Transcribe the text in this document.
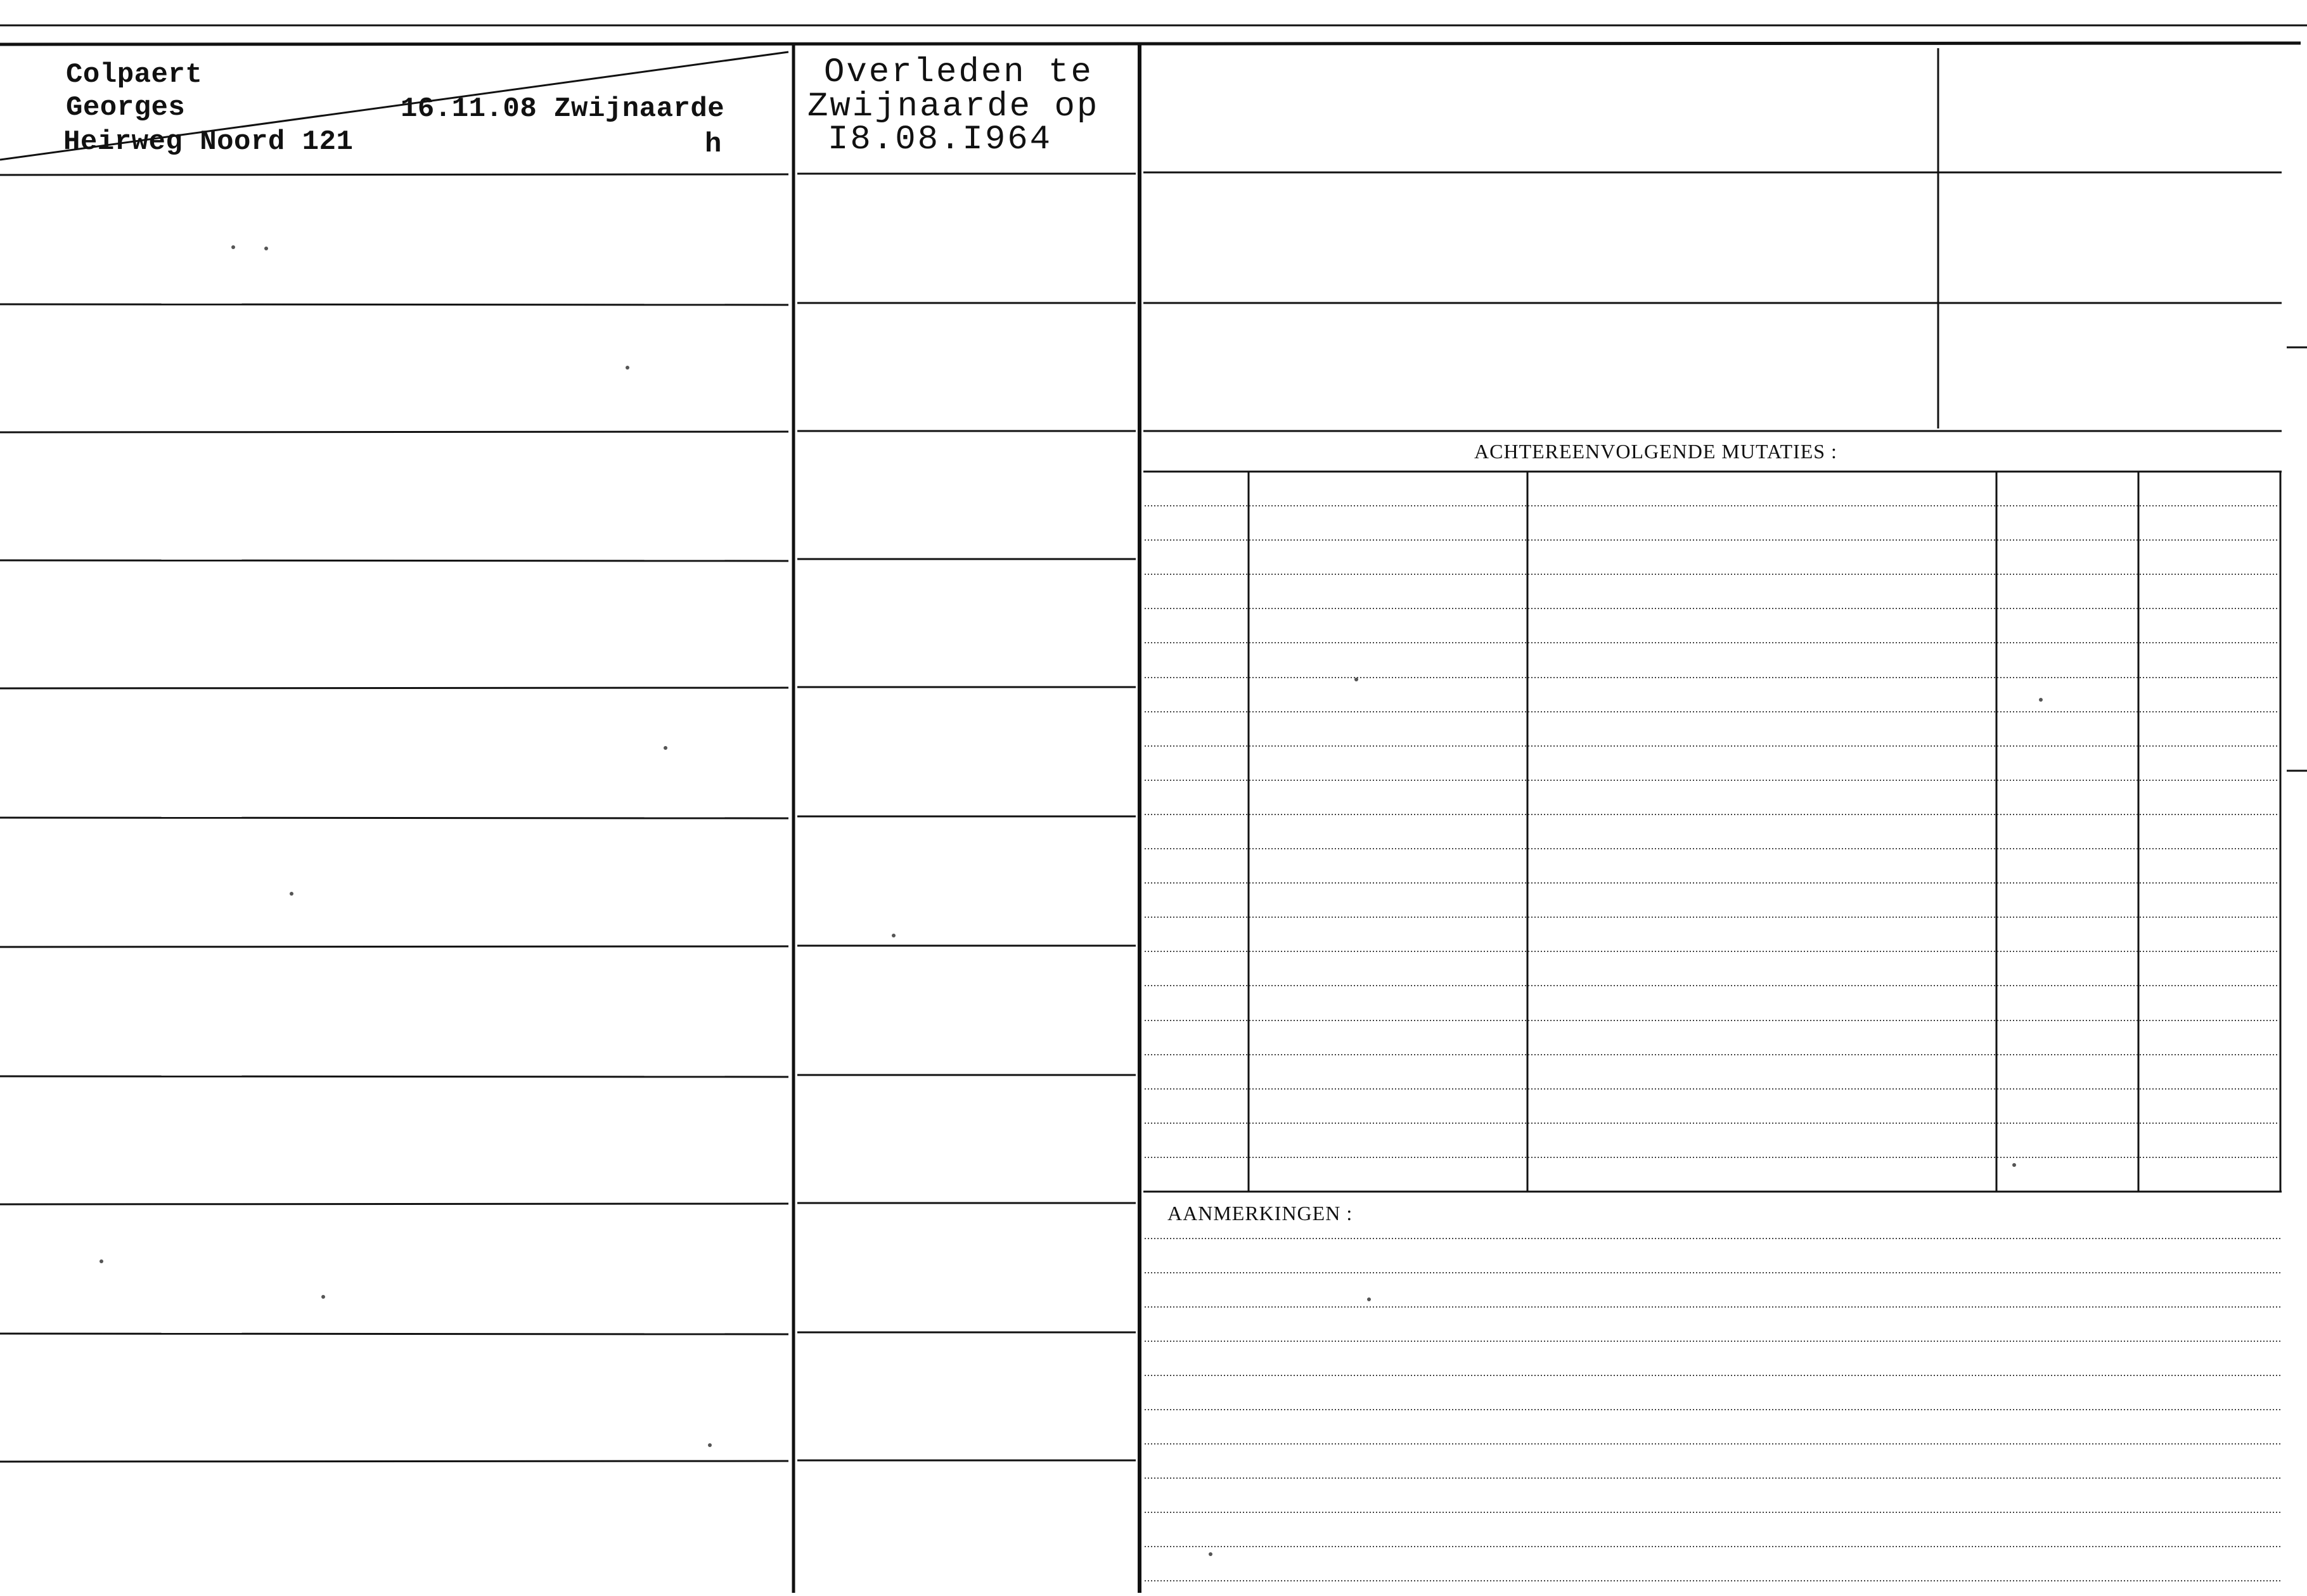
Colpaert
Georges	16.11.08 Zwijnaarde
Heirweg Noord 121	h
Overleden te
Zwijnaarde op
I8.08.I964
ACHTEREENVOLGENDE MUTATIES :
AANMERKINGEN :
